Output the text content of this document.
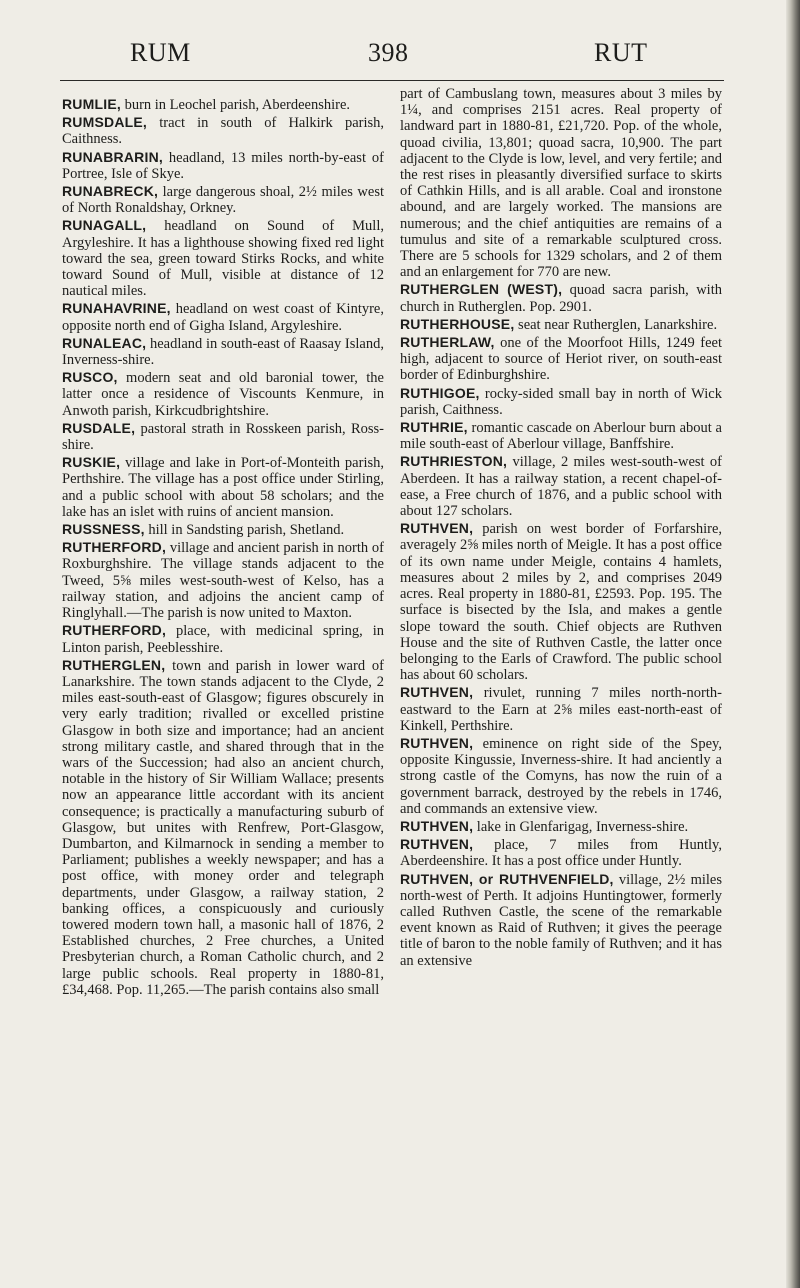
RUM	398	RUT

RUMLIE, burn in Leochel parish, Aberdeenshire.

RUMSDALE, tract in south of Halkirk parish, Caithness.

RUNABRARIN, headland, 13 miles north-by-east of Portree, Isle of Skye.

RUNABRECK, large dangerous shoal, 2½ miles west of North Ronaldshay, Orkney.

RUNAGALL, headland on Sound of Mull, Argyleshire. It has a lighthouse showing fixed red light toward the sea, green toward Stirks Rocks, and white toward Sound of Mull, visible at distance of 12 nautical miles.

RUNAHAVRINE, headland on west coast of Kintyre, opposite north end of Gigha Island, Argyleshire.

RUNALEAC, headland in south-east of Raasay Island, Inverness-shire.

RUSCO, modern seat and old baronial tower, the latter once a residence of Viscounts Kenmure, in Anwoth parish, Kirkcudbrightshire.

RUSDALE, pastoral strath in Rosskeen parish, Ross-shire.

RUSKIE, village and lake in Port-of-Monteith parish, Perthshire. The village has a post office under Stirling, and a public school with about 58 scholars; and the lake has an islet with ruins of ancient mansion.

RUSSNESS, hill in Sandsting parish, Shetland.

RUTHERFORD, village and ancient parish in north of Roxburghshire. The village stands adjacent to the Tweed, 5⅝ miles west-south-west of Kelso, has a railway station, and adjoins the ancient camp of Ringlyhall.—The parish is now united to Maxton.

RUTHERFORD, place, with medicinal spring, in Linton parish, Peeblesshire.

RUTHERGLEN, town and parish in lower ward of Lanarkshire. The town stands adjacent to the Clyde, 2 miles east-south-east of Glasgow; figures obscurely in very early tradition; rivalled or excelled pristine Glasgow in both size and importance; had an ancient strong military castle, and shared through that in the wars of the Succession; had also an ancient church, notable in the history of Sir William Wallace; presents now an appearance little accordant with its ancient consequence; is practically a manufacturing suburb of Glasgow, but unites with Renfrew, Port-Glasgow, Dumbarton, and Kilmarnock in sending a member to Parliament; publishes a weekly newspaper; and has a post office, with money order and telegraph departments, under Glasgow, a railway station, 2 banking offices, a conspicuously and curiously towered modern town hall, a masonic hall of 1876, 2 Established churches, 2 Free churches, a United Presbyterian church, a Roman Catholic church, and 2 large public schools. Real property in 1880-81, £34,468. Pop. 11,265.—The parish contains also small

part of Cambuslang town, measures about 3 miles by 1¼, and comprises 2151 acres. Real property of landward part in 1880-81, £21,720. Pop. of the whole, quoad civilia, 13,801; quoad sacra, 10,900. The part adjacent to the Clyde is low, level, and very fertile; and the rest rises in pleasantly diversified surface to skirts of Cathkin Hills, and is all arable. Coal and ironstone abound, and are largely worked. The mansions are numerous; and the chief antiquities are remains of a tumulus and site of a remarkable sculptured cross. There are 5 schools for 1329 scholars, and 2 of them and an enlargement for 770 are new.

RUTHERGLEN (WEST), quoad sacra parish, with church in Rutherglen. Pop. 2901.

RUTHERHOUSE, seat near Rutherglen, Lanarkshire.

RUTHERLAW, one of the Moorfoot Hills, 1249 feet high, adjacent to source of Heriot river, on south-east border of Edinburghshire.

RUTHIGOE, rocky-sided small bay in north of Wick parish, Caithness.

RUTHRIE, romantic cascade on Aberlour burn about a mile south-east of Aberlour village, Banffshire.

RUTHRIESTON, village, 2 miles west-south-west of Aberdeen. It has a railway station, a recent chapel-of-ease, a Free church of 1876, and a public school with about 127 scholars.

RUTHVEN, parish on west border of Forfarshire, averagely 2⅝ miles north of Meigle. It has a post office of its own name under Meigle, contains 4 hamlets, measures about 2 miles by 2, and comprises 2049 acres. Real property in 1880-81, £2593. Pop. 195. The surface is bisected by the Isla, and makes a gentle slope toward the south. Chief objects are Ruthven House and the site of Ruthven Castle, the latter once belonging to the Earls of Crawford. The public school has about 60 scholars.

RUTHVEN, rivulet, running 7 miles north-north-eastward to the Earn at 2⅝ miles east-north-east of Kinkell, Perthshire.

RUTHVEN, eminence on right side of the Spey, opposite Kingussie, Inverness-shire. It had anciently a strong castle of the Comyns, has now the ruin of a government barrack, destroyed by the rebels in 1746, and commands an extensive view.

RUTHVEN, lake in Glenfarigag, Inverness-shire.

RUTHVEN, place, 7 miles from Huntly, Aberdeenshire. It has a post office under Huntly.

RUTHVEN, or RUTHVENFIELD, village, 2½ miles north-west of Perth. It adjoins Huntingtower, formerly called Ruthven Castle, the scene of the remarkable event known as Raid of Ruthven; it gives the peerage title of baron to the noble family of Ruthven; and it has an extensive
